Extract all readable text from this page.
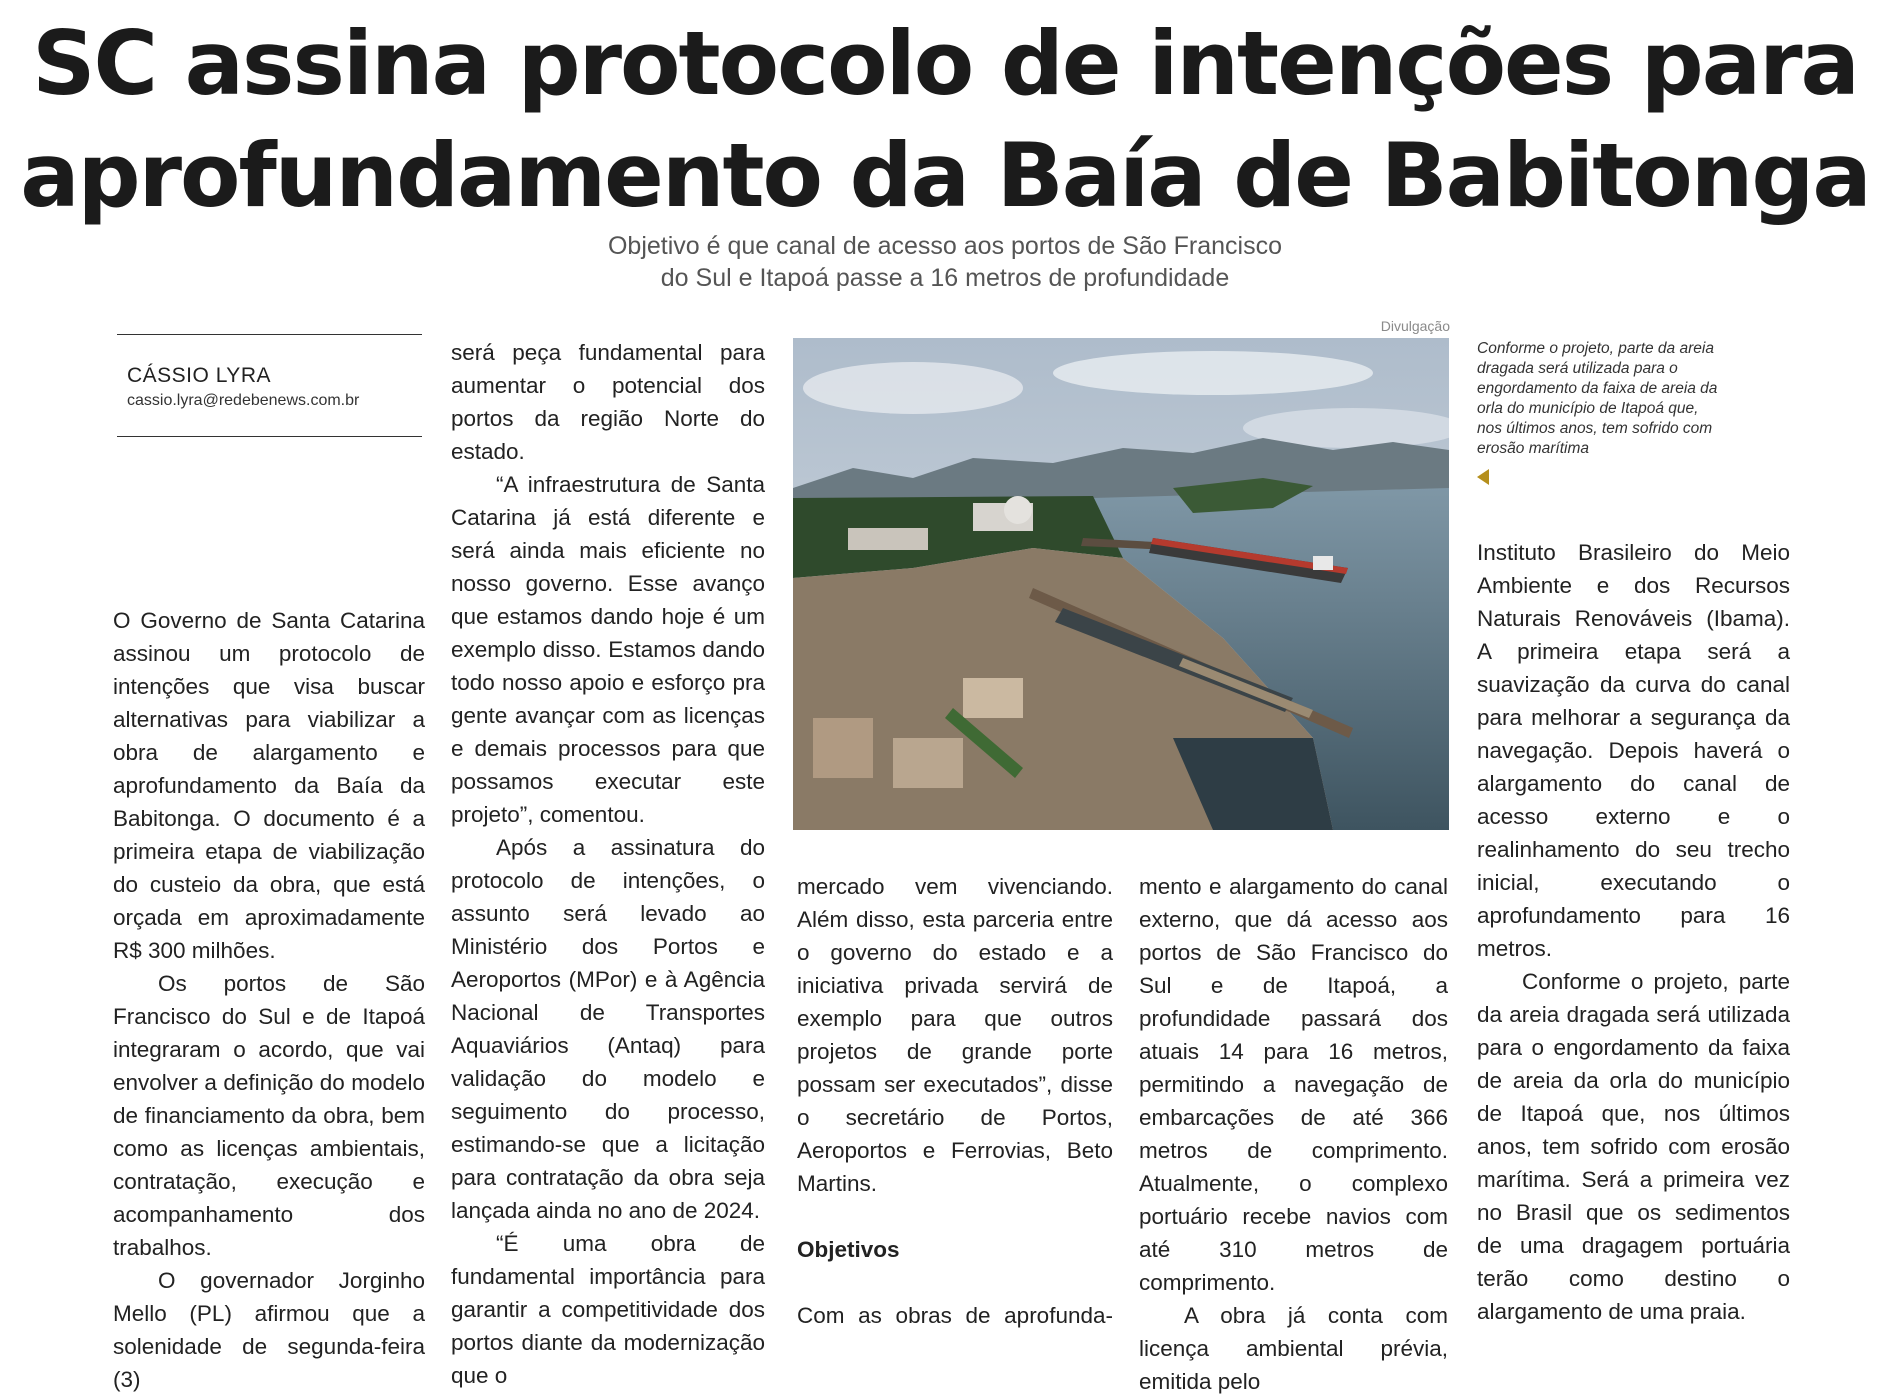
SC assina protocolo de intenções para
aprofundamento da Baía de Babitonga
Objetivo é que canal de acesso aos portos de São Francisco
do Sul e Itapoá passe a 16 metros de profundidade
CÁSSIO LYRA
cassio.lyra@redebenews.com.br

O Governo de Santa Catarina assinou um protocolo de intenções que visa buscar alternativas para viabilizar a obra de alargamento e aprofundamento da Baía da Babitonga. O documento é a primeira etapa de viabilização do custeio da obra, que está orçada em aproximadamente R$ 300 milhões.

Os portos de São Francisco do Sul e de Itapoá integraram o acordo, que vai envolver a definição do modelo de financiamento da obra, bem como as licenças ambientais, contratação, execução e acompanhamento dos trabalhos.

O governador Jorginho Mello (PL) afirmou que a solenidade de segunda-feira (3)

será peça fundamental para aumentar o potencial dos portos da região Norte do estado.

“A infraestrutura de Santa Catarina já está diferente e será ainda mais eficiente no nosso governo. Esse avanço que estamos dando hoje é um exemplo disso. Estamos dando todo nosso apoio e esforço pra gente avançar com as licenças e demais processos para que possamos executar este projeto”, comentou.

Após a assinatura do protocolo de intenções, o assunto será levado ao Ministério dos Portos e Aeroportos (MPor) e à Agência Nacional de Transportes Aquaviários (Antaq) para validação do modelo e seguimento do processo, estimando-se que a licitação para contratação da obra seja lançada ainda no ano de 2024.

“É uma obra de fundamental importância para garantir a competitividade dos portos diante da modernização que o

Divulgação
Conforme o projeto, parte da areia dragada será utilizada para o engordamento da faixa de areia da orla do município de Itapoá que, nos últimos anos, tem sofrido com erosão marítima

mercado vem vivenciando. Além disso, esta parceria entre o governo do estado e a iniciativa privada servirá de exemplo para que outros projetos de grande porte possam ser executados”, disse o secretário de Portos, Aeroportos e Ferrovias, Beto Martins.

Objetivos

Com as obras de aprofunda-

mento e alargamento do canal externo, que dá acesso aos portos de São Francisco do Sul e de Itapoá, a profundidade passará dos atuais 14 para 16 metros, permitindo a navegação de embarcações de até 366 metros de comprimento. Atualmente, o complexo portuário recebe navios com até 310 metros de comprimento.

A obra já conta com licença ambiental prévia, emitida pelo

Instituto Brasileiro do Meio Ambiente e dos Recursos Naturais Renováveis (Ibama). A primeira etapa será a suavização da curva do canal para melhorar a segurança da navegação. Depois haverá o alargamento do canal de acesso externo e o realinhamento do seu trecho inicial, executando o aprofundamento para 16 metros.

Conforme o projeto, parte da areia dragada será utilizada para o engordamento da faixa de areia da orla do município de Itapoá que, nos últimos anos, tem sofrido com erosão marítima. Será a primeira vez no Brasil que os sedimentos de uma dragagem portuária terão como destino o alargamento de uma praia.
